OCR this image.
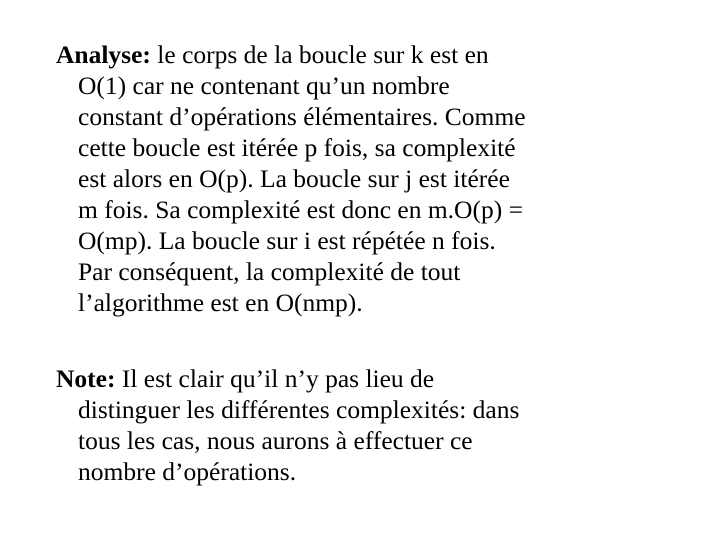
Analyse: le corps de la boucle sur k est en
O(1) car ne contenant qu’un nombre
constant d’opérations élémentaires. Comme
cette boucle est itérée p fois, sa complexité
est alors en O(p). La boucle sur j est itérée
m fois. Sa complexité est donc en m.O(p) =
O(mp). La boucle sur i est répétée n fois.
Par conséquent, la complexité de tout
l’algorithme est en O(nmp).
Note: Il est clair qu’il n’y pas lieu de
distinguer les différentes complexités: dans
tous les cas, nous aurons à effectuer ce
nombre d’opérations.
